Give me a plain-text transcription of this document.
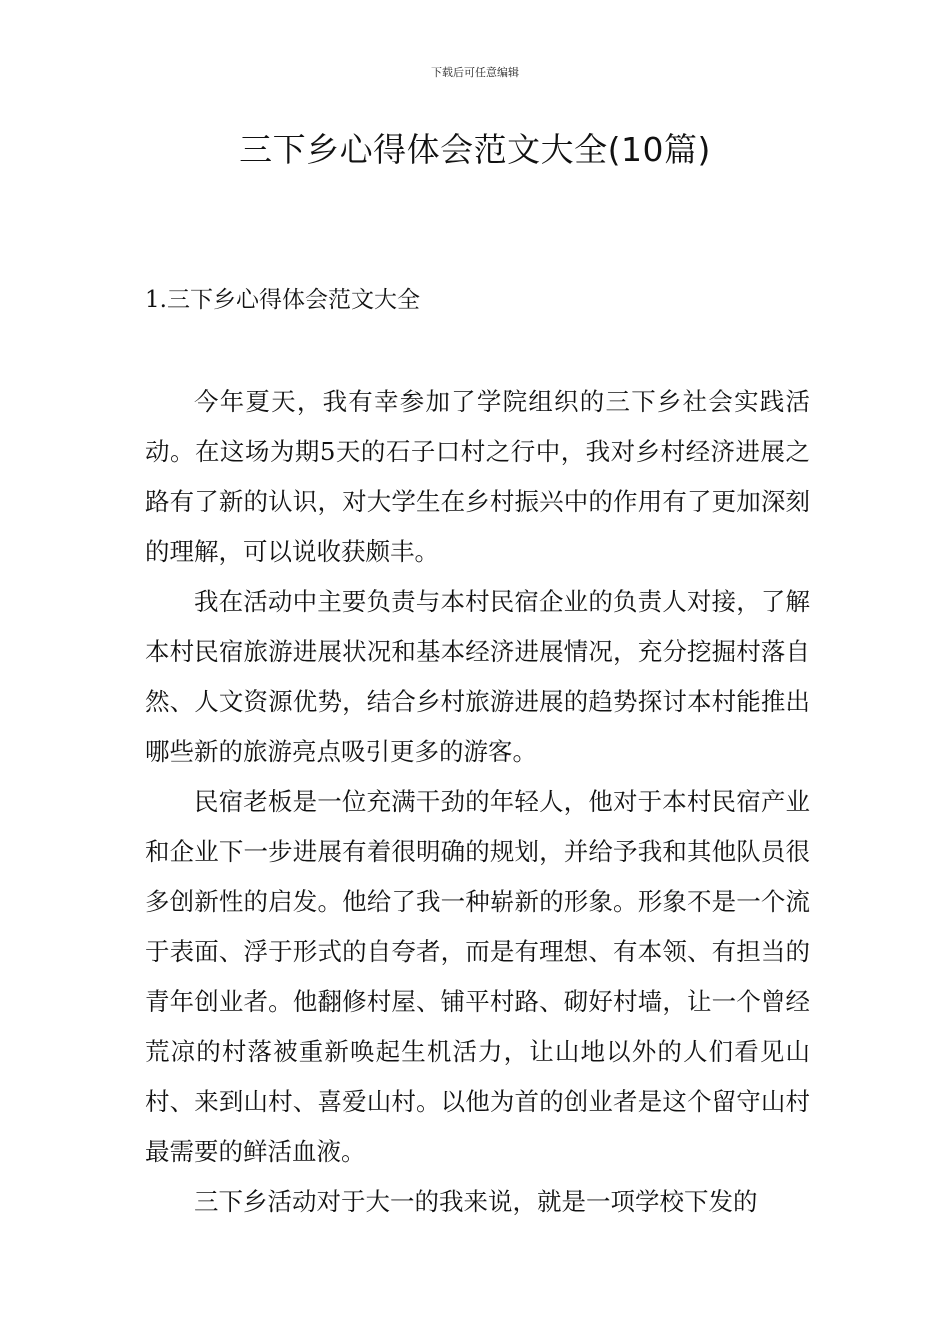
下载后可任意编辑
三下乡心得体会范文大全(10篇)
1.三下乡心得体会范文大全

今年夏天，我有幸参加了学院组织的三下乡社会实践活动。在这场为期5天的石子口村之行中，我对乡村经济进展之路有了新的认识，对大学生在乡村振兴中的作用有了更加深刻的理解，可以说收获颇丰。

我在活动中主要负责与本村民宿企业的负责人对接，了解本村民宿旅游进展状况和基本经济进展情况，充分挖掘村落自然、人文资源优势，结合乡村旅游进展的趋势探讨本村能推出哪些新的旅游亮点吸引更多的游客。

民宿老板是一位充满干劲的年轻人，他对于本村民宿产业和企业下一步进展有着很明确的规划，并给予我和其他队员很多创新性的启发。他给了我一种崭新的形象。形象不是一个流于表面、浮于形式的自夸者，而是有理想、有本领、有担当的青年创业者。他翻修村屋、铺平村路、砌好村墙，让一个曾经荒凉的村落被重新唤起生机活力，让山地以外的人们看见山村、来到山村、喜爱山村。以他为首的创业者是这个留守山村最需要的鲜活血液。

三下乡活动对于大一的我来说，就是一项学校下发的
